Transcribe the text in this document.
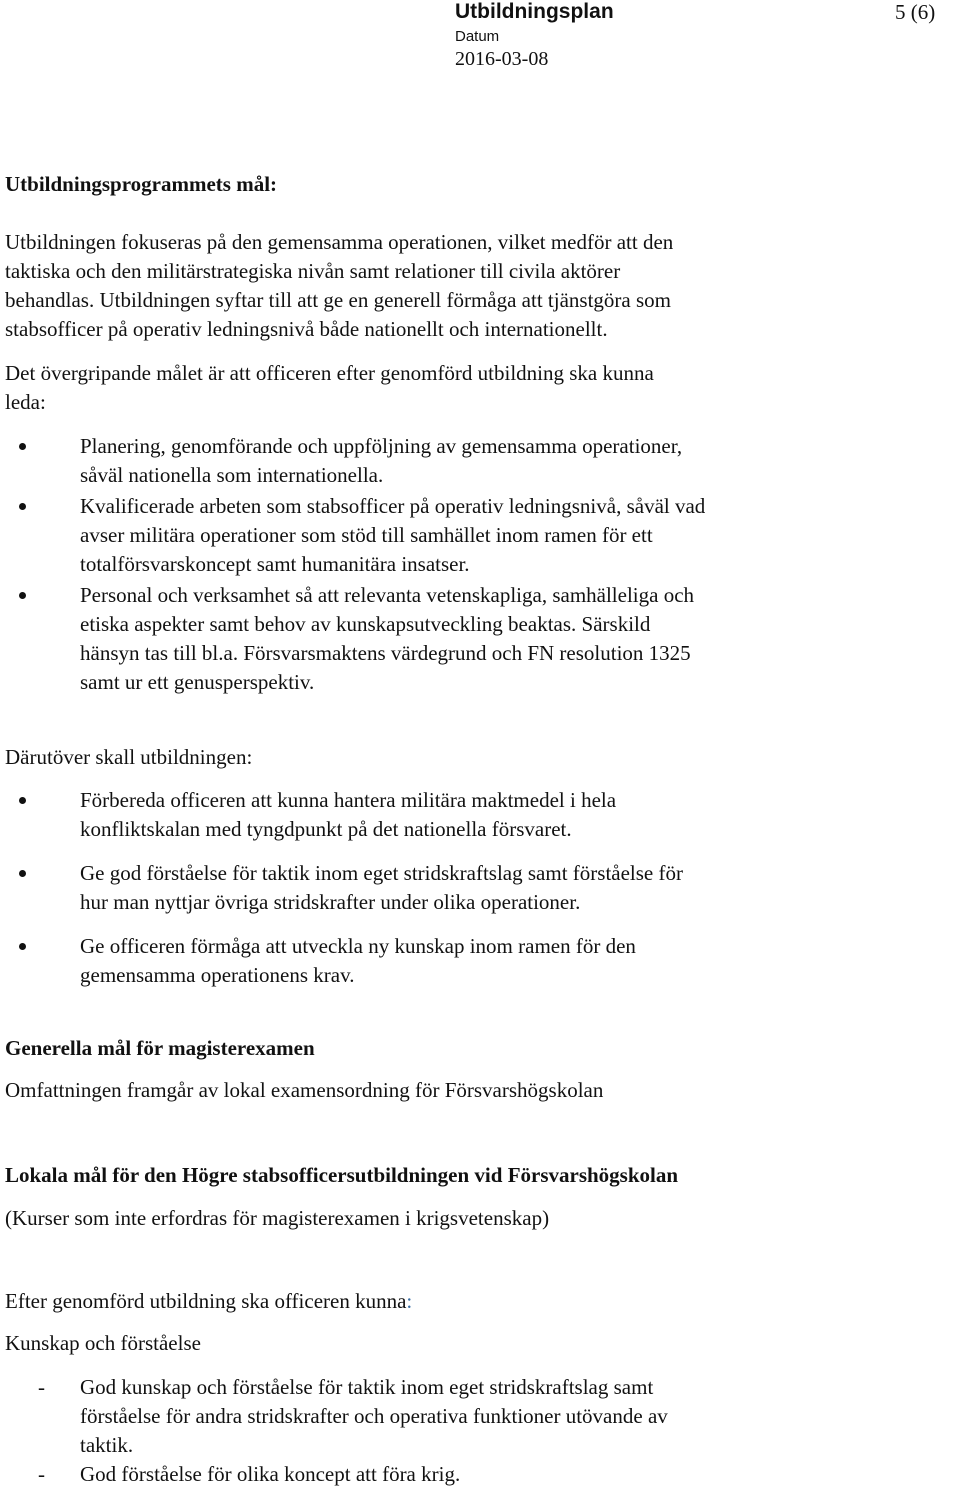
Utbildningsplan	5 (6)
Datum
2016-03-08
Utbildningsprogrammets mål:
Utbildningen fokuseras på den gemensamma operationen, vilket medför att den
taktiska och den militärstrategiska nivån samt relationer till civila aktörer
behandlas. Utbildningen syftar till att ge en generell förmåga att tjänstgöra som
stabsofficer på operativ ledningsnivå både nationellt och internationellt.
Det övergripande målet är att officeren efter genomförd utbildning ska kunna
leda:
Planering, genomförande och uppföljning av gemensamma operationer,
såväl nationella som internationella.
Kvalificerade arbeten som stabsofficer på operativ ledningsnivå, såväl vad
avser militära operationer som stöd till samhället inom ramen för ett
totalförsvarskoncept samt humanitära insatser.
Personal och verksamhet så att relevanta vetenskapliga, samhälleliga och
etiska aspekter samt behov av kunskapsutveckling beaktas. Särskild
hänsyn tas till bl.a. Försvarsmaktens värdegrund och FN resolution 1325
samt ur ett genusperspektiv.
Därutöver skall utbildningen:
Förbereda officeren att kunna hantera militära maktmedel i hela
konfliktskalan med tyngdpunkt på det nationella försvaret.
Ge god förståelse för taktik inom eget stridskraftslag samt förståelse för
hur man nyttjar övriga stridskrafter under olika operationer.
Ge officeren förmåga att utveckla ny kunskap inom ramen för den
gemensamma operationens krav.
Generella mål för magisterexamen
Omfattningen framgår av lokal examensordning för Försvarshögskolan
Lokala mål för den Högre stabsofficersutbildningen vid Försvarshögskolan
(Kurser som inte erfordras för magisterexamen i krigsvetenskap)
Efter genomförd utbildning ska officeren kunna:
Kunskap och förståelse
- God kunskap och förståelse för taktik inom eget stridskraftslag samt
förståelse för andra stridskrafter och operativa funktioner utövande av
taktik.
- God förståelse för olika koncept att föra krig.
